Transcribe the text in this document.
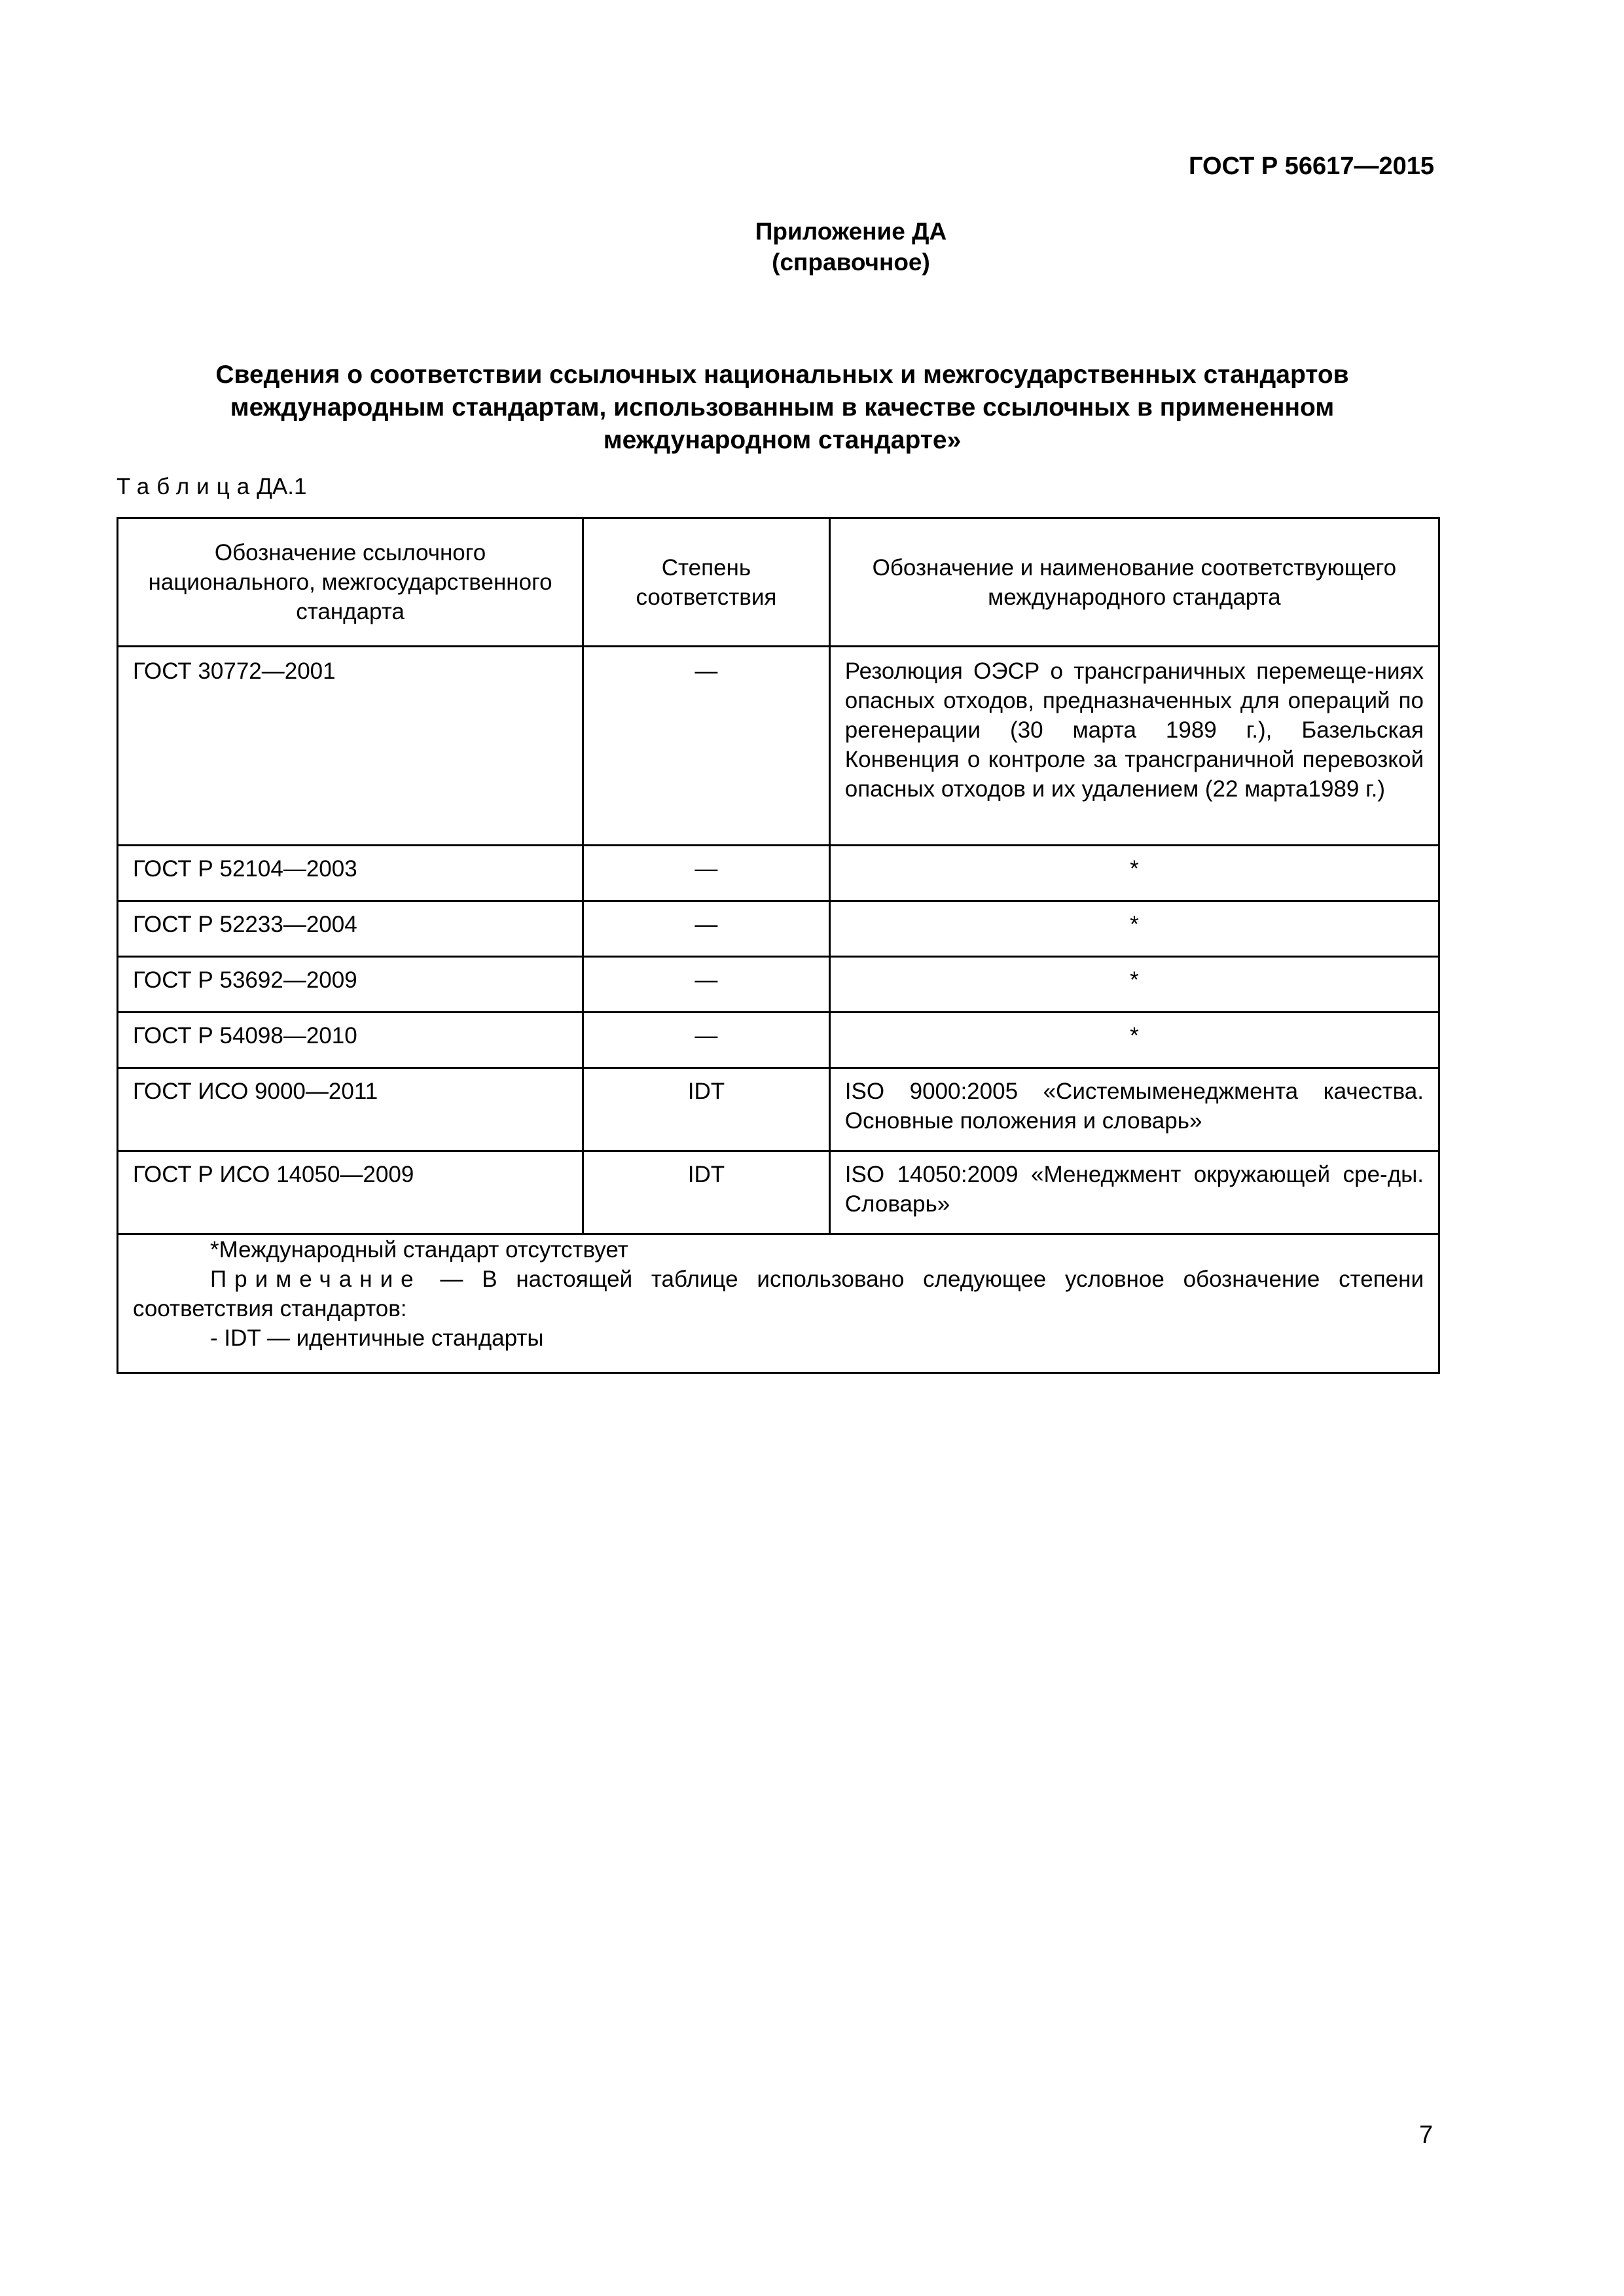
ГОСТ Р 56617—2015
Приложение ДА
(справочное)
Сведения о соответствии ссылочных национальных и межгосударственных стандартов международным стандартам, использованным в качестве ссылочных в примененном международном стандарте»
ТаблицаДА.1
Обозначение ссылочного национального, межгосударственного стандарта	Степень соответствия	Обозначение и наименование соответствующего международного стандарта
ГОСТ 30772—2001	—	Резолюция ОЭСР о трансграничных перемеще-ниях опасных отходов, предназначенных для операций по регенерации (30 марта 1989 г.), Базельская Конвенция о контроле за трансграничной перевозкой опасных отходов и их удалением (22 марта1989 г.)
ГОСТ Р 52104—2003	—	*
ГОСТ Р 52233—2004	—	*
ГОСТ Р 53692—2009	—	*
ГОСТ Р 54098—2010	—	*
ГОСТ ИСО 9000—2011	IDT	ISO 9000:2005 «Системыменеджмента качества. Основные положения и словарь»
ГОСТ Р ИСО 14050—2009	IDT	ISO 14050:2009 «Менеджмент окружающей сре-ды. Словарь»

*Международный стандарт отсутствует
Примечание — В настоящей таблице использовано следующее условное обозначение степени соответствия стандартов:
- IDT — идентичные стандарты		
7
